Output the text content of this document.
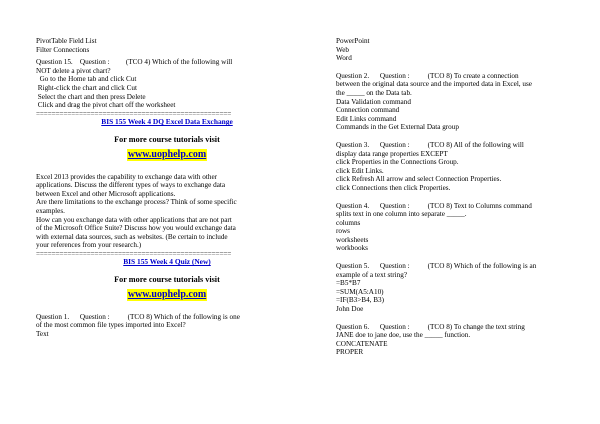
PivotTable Field List
Filter Connections
Question 15.    Question :         (TCO 4) Which of the following will
NOT delete a pivot chart?
Go to the Home tab and click Cut
Right-click the chart and click Cut
Select the chart and then press Delete
Click and drag the pivot chart off the worksheet
==================================================
BIS 155 Week 4 DQ Excel Data Exchange
For more course tutorials visit
www.uophelp.com
Excel 2013 provides the capability to exchange data with other
applications. Discuss the different types of ways to exchange data
between Excel and other Microsoft applications.
Are there limitations to the exchange process? Think of some specific
examples.
How can you exchange data with other applications that are not part
of the Microsoft Office Suite? Discuss how you would exchange data
with external data sources, such as websites. (Be certain to include
your references from your research.)
==================================================
BIS 155 Week 4 Quiz (New)
For more course tutorials visit
www.uophelp.com
Question 1.      Question :          (TCO 8) Which of the following is one
of the most common file types imported into Excel?
Text
PowerPoint
Web
Word
Question 2.      Question :          (TCO 8) To create a connection
between the original data source and the imported data in Excel, use
the _____ on the Data tab.
Data Validation command
Connection command
Edit Links command
Commands in the Get External Data group
Question 3.      Question :          (TCO 8) All of the following will
display data range properties EXCEPT
click Properties in the Connections Group.
click Edit Links.
click Refresh All arrow and select Connection Properties.
click Connections then click Properties.
Question 4.      Question :          (TCO 8) Text to Columns command
splits text in one column into separate _____.
columns
rows
worksheets
workbooks
Question 5.      Question :          (TCO 8) Which of the following is an
example of a text string?
=B5*B7
=SUM(A5:A10)
=IF(B3>B4, B3)
John Doe
Question 6.      Question :          (TCO 8) To change the text string
JANE doe to jane doe, use the _____ function.
CONCATENATE
PROPER
